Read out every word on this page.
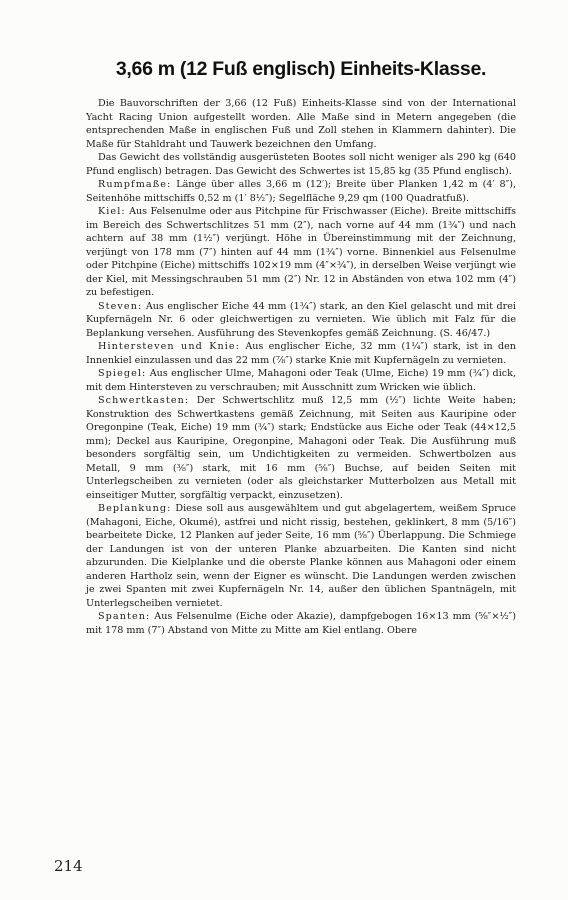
3,66 m (12 Fuß englisch) Einheits-Klasse.

Die Bauvorschriften der 3,66 (12 Fuß) Einheits-Klasse sind von der International Yacht Racing Union aufgestellt worden. Alle Maße sind in Metern angegeben (die entsprechenden Maße in englischen Fuß und Zoll stehen in Klammern dahinter). Die Maße für Stahldraht und Tauwerk bezeichnen den Umfang.

Das Gewicht des vollständig ausgerüsteten Bootes soll nicht weniger als 290 kg (640 Pfund englisch) betragen. Das Gewicht des Schwertes ist 15,85 kg (35 Pfund englisch).

Rumpfmaße: Länge über alles 3,66 m (12′); Breite über Planken 1,42 m (4′ 8″), Seitenhöhe mittschiffs 0,52 m (1′ 8½″); Segelfläche 9,29 qm (100 Quadratfuß).

Kiel: Aus Felsenulme oder aus Pitchpine für Frischwasser (Eiche). Breite mittschiffs im Bereich des Schwertschlitzes 51 mm (2″), nach vorne auf 44 mm (1¾″) und nach achtern auf 38 mm (1½″) verjüngt. Höhe in Übereinstimmung mit der Zeichnung, verjüngt von 178 mm (7″) hinten auf 44 mm (1¾″) vorne. Binnenkiel aus Felsenulme oder Pitchpine (Eiche) mittschiffs 102×19 mm (4″×¾″), in derselben Weise verjüngt wie der Kiel, mit Messingschrauben 51 mm (2″) Nr. 12 in Abständen von etwa 102 mm (4″) zu befestigen.

Steven: Aus englischer Eiche 44 mm (1¾″) stark, an den Kiel gelascht und mit drei Kupfernägeln Nr. 6 oder gleichwertigen zu vernieten. Wie üblich mit Falz für die Beplankung versehen. Ausführung des Stevenkopfes gemäß Zeichnung. (S. 46/47.)

Hintersteven und Knie: Aus englischer Eiche, 32 mm (1¼″) stark, ist in den Innenkiel einzulassen und das 22 mm (⅞″) starke Knie mit Kupfernägeln zu vernieten.

Spiegel: Aus englischer Ulme, Mahagoni oder Teak (Ulme, Eiche) 19 mm (¾″) dick, mit dem Hintersteven zu verschrauben; mit Ausschnitt zum Wricken wie üblich.

Schwertkasten: Der Schwertschlitz muß 12,5 mm (½″) lichte Weite haben; Konstruktion des Schwertkastens gemäß Zeichnung, mit Seiten aus Kauripine oder Oregonpine (Teak, Eiche) 19 mm (¾″) stark; Endstücke aus Eiche oder Teak (44×12,5 mm); Deckel aus Kauripine, Oregonpine, Mahagoni oder Teak. Die Ausführung muß besonders sorgfältig sein, um Undichtigkeiten zu vermeiden. Schwertbolzen aus Metall, 9 mm (⅜″) stark, mit 16 mm (⅝″) Buchse, auf beiden Seiten mit Unterlegscheiben zu vernieten (oder als gleichstarker Mutterbolzen aus Metall mit einseitiger Mutter, sorgfältig verpackt, einzusetzen).

Beplankung: Diese soll aus ausgewähltem und gut abgelagertem, weißem Spruce (Mahagoni, Eiche, Okumé), astfrei und nicht rissig, bestehen, geklinkert, 8 mm (5/16″) bearbeitete Dicke, 12 Planken auf jeder Seite, 16 mm (⅝″) Überlappung. Die Schmiege der Landungen ist von der unteren Planke abzuarbeiten. Die Kanten sind nicht abzurunden. Die Kielplanke und die oberste Planke können aus Mahagoni oder einem anderen Hartholz sein, wenn der Eigner es wünscht. Die Landungen werden zwischen je zwei Spanten mit zwei Kupfernägeln Nr. 14, außer den üblichen Spantnägeln, mit Unterlegscheiben vernietet.

Spanten: Aus Felsenulme (Eiche oder Akazie), dampfgebogen 16×13 mm (⅝″×½″) mit 178 mm (7″) Abstand von Mitte zu Mitte am Kiel entlang. Obere

214
